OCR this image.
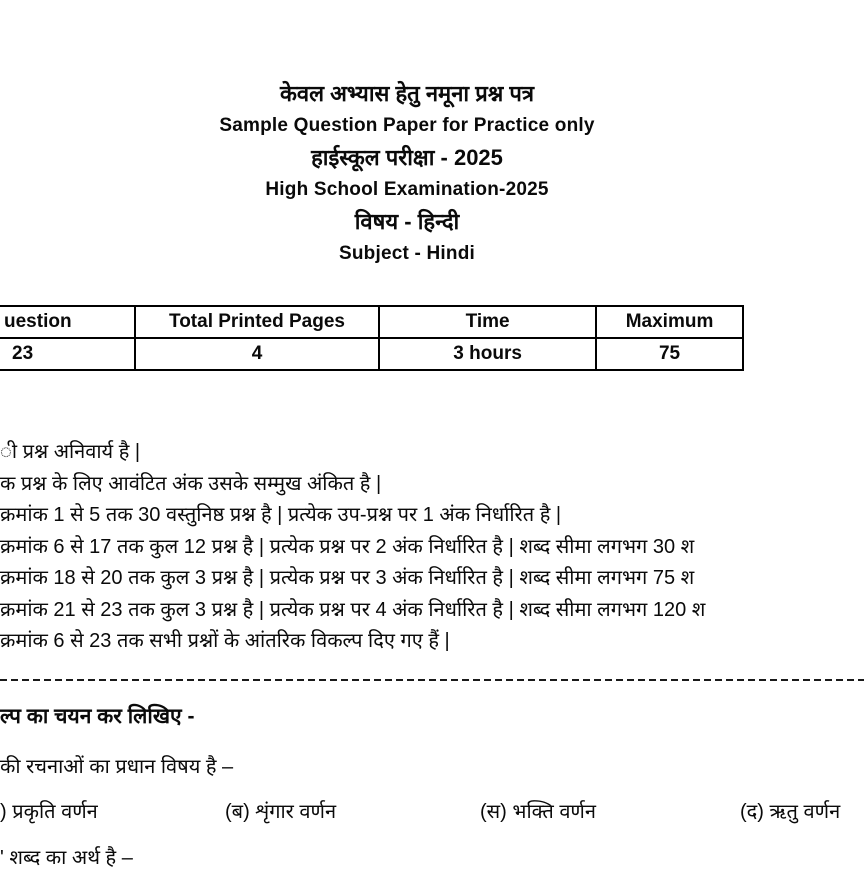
केवल अभ्यास हेतु नमूना प्रश्न पत्र
Sample Question Paper for Practice only
हाईस्कूल परीक्षा - 2025
High School Examination-2025
विषय - हिन्दी
Subject - Hindi
uestion	Total Printed Pages	Time	Maximum
23	4	3 hours	75
ी प्रश्न अनिवार्य है |
क प्रश्न के लिए आवंटित अंक उसके सम्मुख अंकित है |
क्रमांक 1 से 5 तक 30 वस्तुनिष्ठ प्रश्न है | प्रत्येक उप-प्रश्न पर 1 अंक निर्धारित है |
क्रमांक 6 से 17 तक कुल 12 प्रश्न है | प्रत्येक प्रश्न पर 2 अंक निर्धारित है | शब्द सीमा लगभग 30 श
क्रमांक 18 से 20 तक कुल 3 प्रश्न है | प्रत्येक प्रश्न पर 3 अंक निर्धारित है | शब्द सीमा लगभग 75 श
क्रमांक 21 से 23 तक कुल 3 प्रश्न है | प्रत्येक प्रश्न पर 4 अंक निर्धारित है | शब्द सीमा लगभग 120 श
क्रमांक 6 से 23 तक सभी प्रश्नों के आंतरिक विकल्प दिए गए हैं |
ल्प का चयन कर लिखिए -
की रचनाओं का प्रधान विषय है –
) प्रकृति वर्णन	(ब) शृंगार वर्णन	(स) भक्ति वर्णन	(द) ऋतु वर्णन
' शब्द का अर्थ है –
